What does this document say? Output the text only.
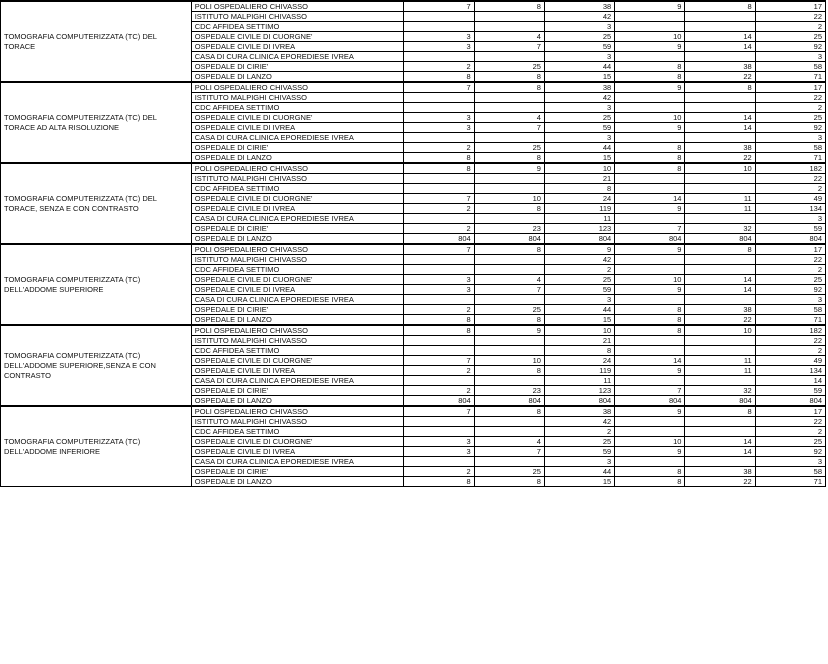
TOMOGRAFIA COMPUTERIZZATA (TC) DEL TORACE	POLI OSPEDALIERO CHIVASSO	7	8	38	9	8	17
	ISTITUTO MALPIGHI CHIVASSO			42			22
	CDC AFFIDEA SETTIMO			3			2
	OSPEDALE CIVILE DI CUORGNE'	3	4	25	10	14	25
	OSPEDALE CIVILE DI IVREA	3	7	59	9	14	92
	CASA DI CURA CLINICA EPOREDIESE IVREA			3			3
	OSPEDALE DI CIRIE'	2	25	44	8	38	58
	OSPEDALE DI LANZO	8	8	15	8	22	71
TOMOGRAFIA COMPUTERIZZATA (TC) DEL TORACE AD ALTA RISOLUZIONE	POLI OSPEDALIERO CHIVASSO	7	8	38	9	8	17
	ISTITUTO MALPIGHI CHIVASSO			42			22
	CDC AFFIDEA SETTIMO			3			2
	OSPEDALE CIVILE DI CUORGNE'	3	4	25	10	14	25
	OSPEDALE CIVILE DI IVREA	3	7	59	9	14	92
	CASA DI CURA CLINICA EPOREDIESE IVREA			3			3
	OSPEDALE DI CIRIE'	2	25	44	8	38	58
	OSPEDALE DI LANZO	8	8	15	8	22	71
TOMOGRAFIA COMPUTERIZZATA (TC) DEL TORACE, SENZA E CON CONTRASTO	POLI OSPEDALIERO CHIVASSO	8	9	10	8	10	182
	ISTITUTO MALPIGHI CHIVASSO			21			22
	CDC AFFIDEA SETTIMO			8			2
	OSPEDALE CIVILE DI CUORGNE'	7	10	24	14	11	49
	OSPEDALE CIVILE DI IVREA	2	8	119	9	11	134
	CASA DI CURA CLINICA EPOREDIESE IVREA			11			3
	OSPEDALE DI CIRIE'	2	23	123	7	32	59
	OSPEDALE DI LANZO	804	804	804	804	804	804
TOMOGRAFIA COMPUTERIZZATA (TC) DELL'ADDOME SUPERIORE	POLI OSPEDALIERO CHIVASSO	7	8	9	9	8	17
	ISTITUTO MALPIGHI CHIVASSO			42			22
	CDC AFFIDEA SETTIMO			2			2
	OSPEDALE CIVILE DI CUORGNE'	3	4	25	10	14	25
	OSPEDALE CIVILE DI IVREA	3	7	59	9	14	92
	CASA DI CURA CLINICA EPOREDIESE IVREA			3			3
	OSPEDALE DI CIRIE'	2	25	44	8	38	58
	OSPEDALE DI LANZO	8	8	15	8	22	71
TOMOGRAFIA COMPUTERIZZATA (TC) DELL'ADDOME SUPERIORE,SENZA E CON CONTRASTO	POLI OSPEDALIERO CHIVASSO	8	9	10	8	10	182
	ISTITUTO MALPIGHI CHIVASSO			21			22
	CDC AFFIDEA SETTIMO			8			2
	OSPEDALE CIVILE DI CUORGNE'	7	10	24	14	11	49
	OSPEDALE CIVILE DI IVREA	2	8	119	9	11	134
	CASA DI CURA CLINICA EPOREDIESE IVREA			11			14
	OSPEDALE DI CIRIE'	2	23	123	7	32	59
	OSPEDALE DI LANZO	804	804	804	804	804	804
TOMOGRAFIA COMPUTERIZZATA (TC) DELL'ADDOME INFERIORE	POLI OSPEDALIERO CHIVASSO	7	8	38	9	8	17
	ISTITUTO MALPIGHI CHIVASSO			42			22
	CDC AFFIDEA SETTIMO			2			2
	OSPEDALE CIVILE DI CUORGNE'	3	4	25	10	14	25
	OSPEDALE CIVILE DI IVREA	3	7	59	9	14	92
	CASA DI CURA CLINICA EPOREDIESE IVREA			3			3
	OSPEDALE DI CIRIE'	2	25	44	8	38	58
	OSPEDALE DI LANZO	8	8	15	8	22	71
